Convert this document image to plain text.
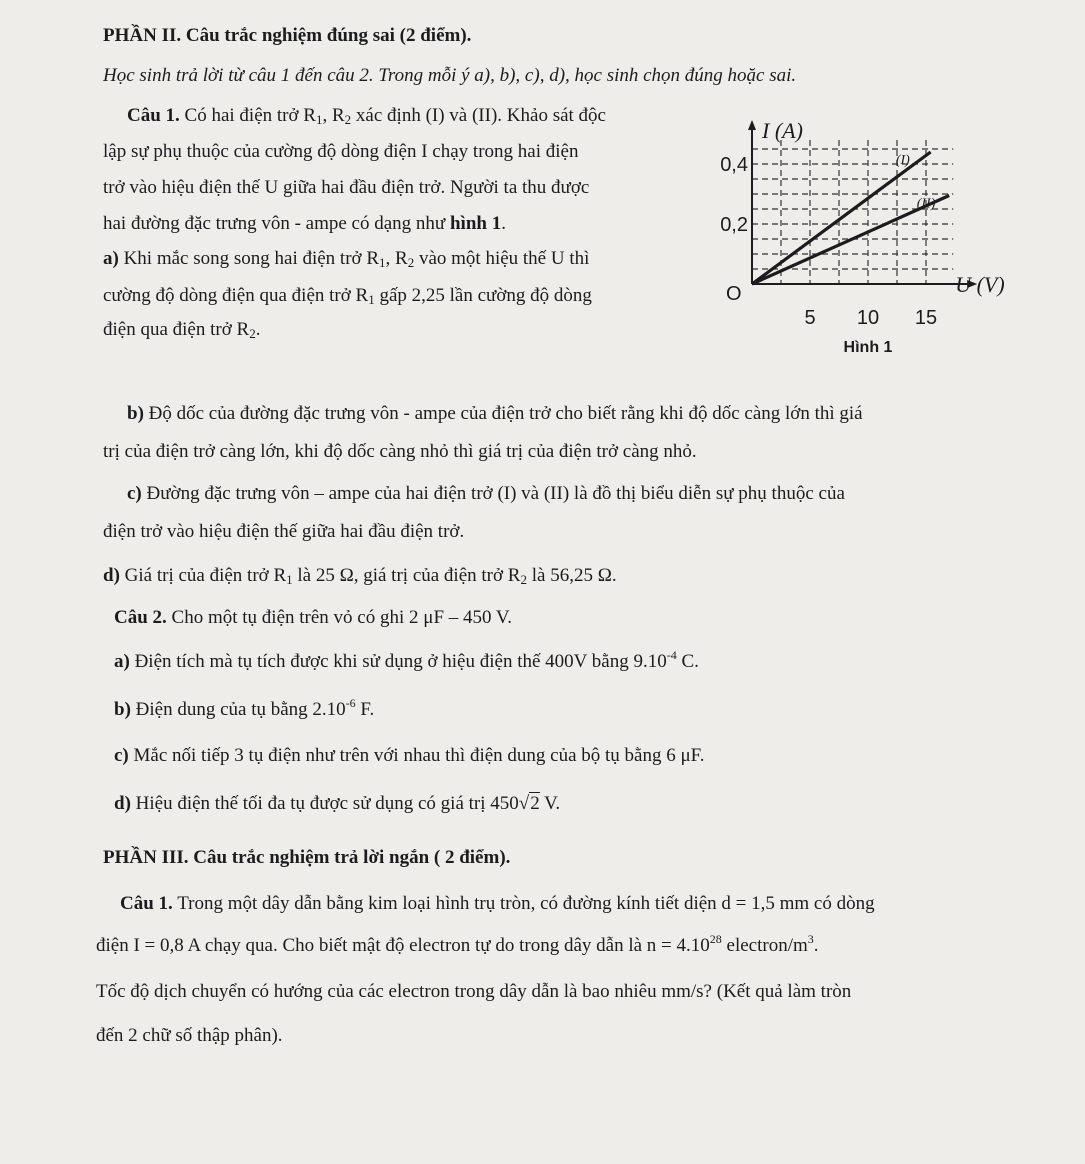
PHẦN II. Câu trắc nghiệm đúng sai (2 điểm).
Học sinh trả lời từ câu 1 đến câu 2. Trong mỗi ý a), b), c), d), học sinh chọn đúng hoặc sai.
Câu 1. Có hai điện trở $R_1$, $R_2$ xác định (I) và (II). Khảo sát độc
lập sự phụ thuộc của cường độ dòng điện I chạy trong hai điện
trở vào hiệu điện thế U giữa hai đầu điện trở. Người ta thu được
hai đường đặc trưng vôn - ampe có dạng như hình 1.
a) Khi mắc song song hai điện trở $R_1$, $R_2$ vào một hiệu thế U thì
cường độ dòng điện qua điện trở $R_1$ gấp 2,25 lần cường độ dòng
điện qua điện trở $R_2$.
(I)
(II)
0,2
0,4
5 10 15
O
I (A)
U (V)
Hình 1
b) Độ dốc của đường đặc trưng vôn - ampe của điện trở cho biết rằng khi độ dốc càng lớn thì giá
trị của điện trở càng lớn, khi độ dốc càng nhỏ thì giá trị của điện trở càng nhỏ.
c) Đường đặc trưng vôn – ampe của hai điện trở (I) và (II) là đồ thị biểu diễn sự phụ thuộc của
điện trở vào hiệu điện thế giữa hai đầu điện trở.
d) Giá trị của điện trở $R_1$ là 25 Ω, giá trị của điện trở $R_2$ là 56,25 Ω.
Câu 2. Cho một tụ điện trên vỏ có ghi 2 μF – 450 V.
a) Điện tích mà tụ tích được khi sử dụng ở hiệu điện thế 400V bằng $9.10^{-4}$ C.
b) Điện dung của tụ bằng $2.10^{-6}$ F.
c) Mắc nối tiếp 3 tụ điện như trên với nhau thì điện dung của bộ tụ bằng 6 μF.
d) Hiệu điện thế tối đa tụ được sử dụng có giá trị 450√2 V.
PHẦN III. Câu trắc nghiệm trả lời ngắn ( 2 điểm).
Câu 1. Trong một dây dẫn bằng kim loại hình trụ tròn, có đường kính tiết diện d = 1,5 mm có dòng
điện I = 0,8 A chạy qua. Cho biết mật độ electron tự do trong dây dẫn là $n = 4.10^{28}$ electron/$m^3$.
Tốc độ dịch chuyển có hướng của các electron trong dây dẫn là bao nhiêu mm/s? (Kết quả làm tròn
đến 2 chữ số thập phân).
